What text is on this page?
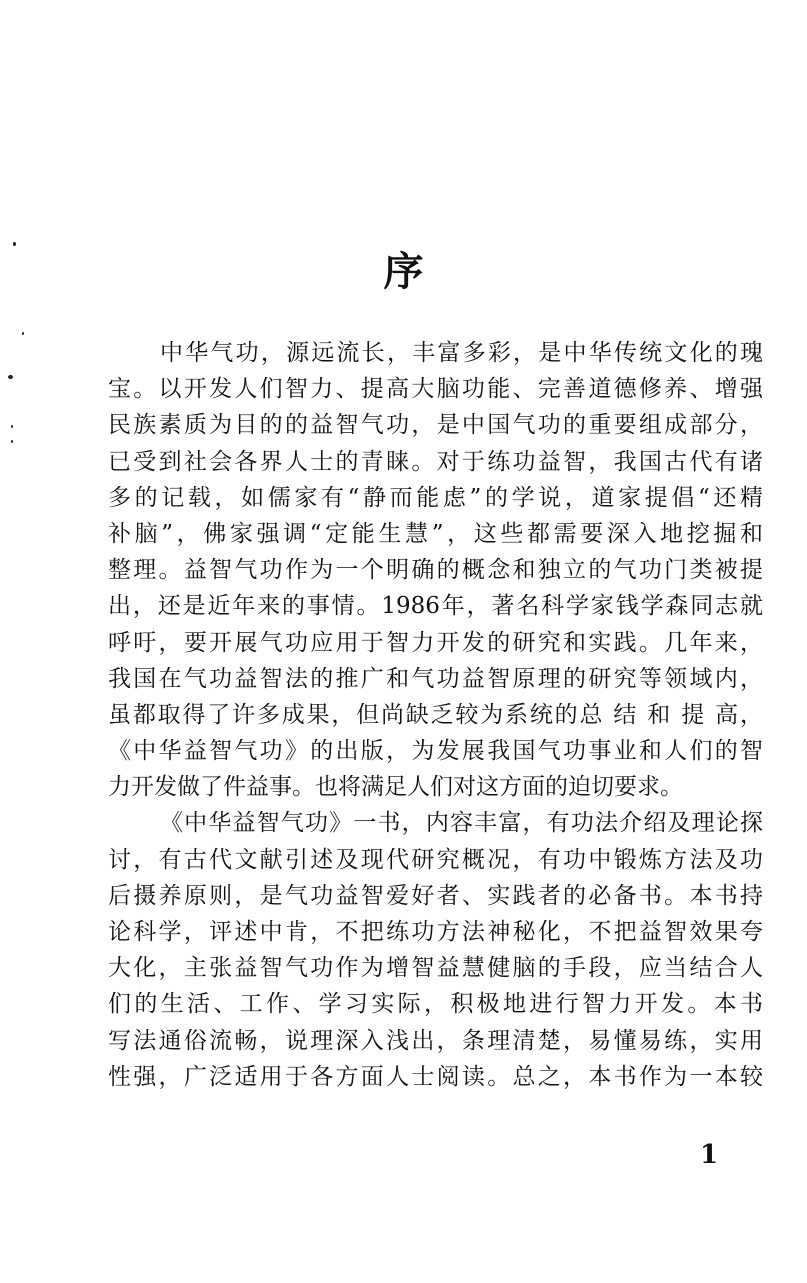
序
中华气功，源远流长，丰富多彩，是中华传统文化的瑰
宝。以开发人们智力、提高大脑功能、完善道德修养、增强
民族素质为目的的益智气功，是中国气功的重要组成部分，
已受到社会各界人士的青睐。对于练功益智，我国古代有诸
多的记载，如儒家有“静而能虑”的学说，道家提倡“还精
补脑”，佛家强调“定能生慧”，这些都需要深入地挖掘和
整理。益智气功作为一个明确的概念和独立的气功门类被提
出，还是近年来的事情。1986年，著名科学家钱学森同志就
呼吁，要开展气功应用于智力开发的研究和实践。几年来，
我国在气功益智法的推广和气功益智原理的研究等领域内，
虽都取得了许多成果，但尚缺乏较为系统的总 结 和 提 高，
《中华益智气功》的出版，为发展我国气功事业和人们的智
力开发做了件益事。也将满足人们对这方面的迫切要求。
《中华益智气功》一书，内容丰富，有功法介绍及理论探
讨，有古代文献引述及现代研究概况，有功中锻炼方法及功
后摄养原则，是气功益智爱好者、实践者的必备书。本书持
论科学，评述中肯，不把练功方法神秘化，不把益智效果夸
大化，主张益智气功作为增智益慧健脑的手段，应当结合人
们的生活、工作、学习实际，积极地进行智力开发。本书
写法通俗流畅，说理深入浅出，条理清楚，易懂易练，实用
性强，广泛适用于各方面人士阅读。总之，本书作为一本较
1
